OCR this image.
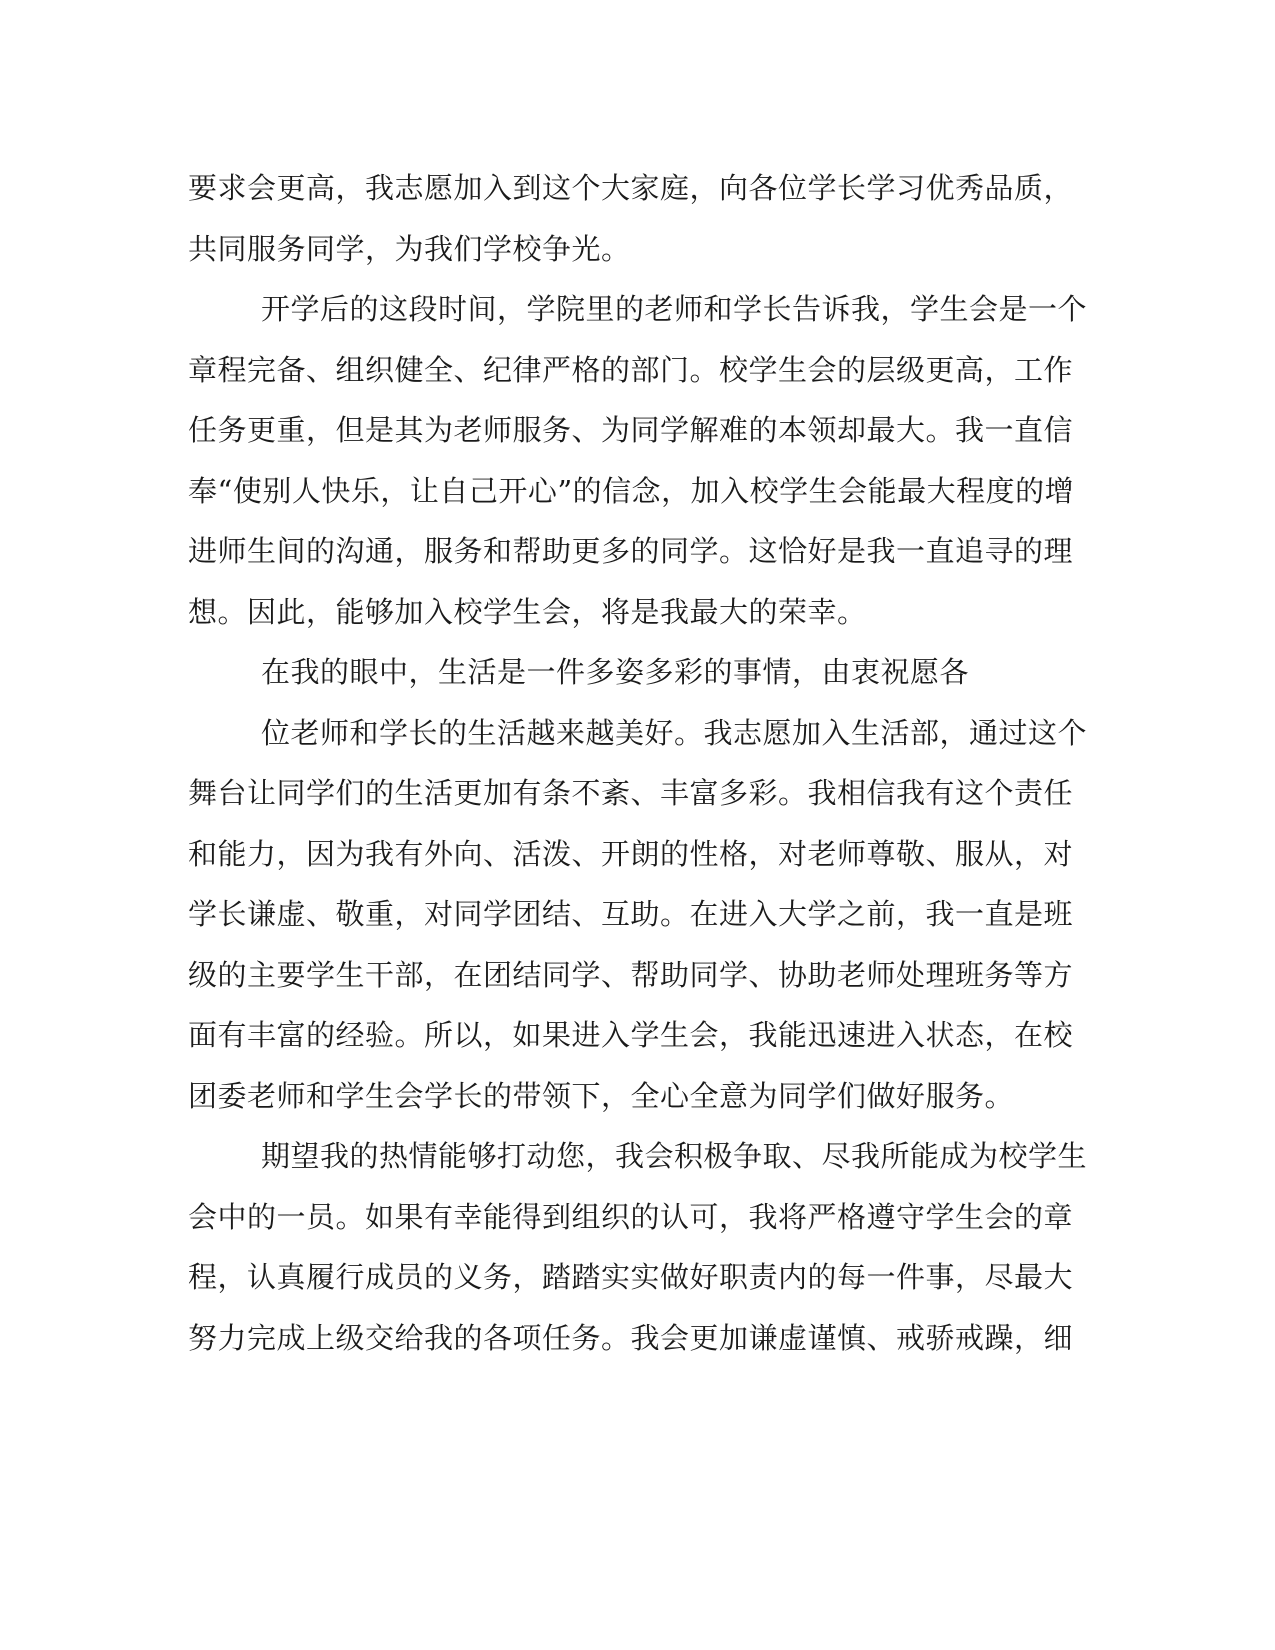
要求会更高，我志愿加入到这个大家庭，向各位学长学习优秀品质，
共同服务同学，为我们学校争光。
开学后的这段时间，学院里的老师和学长告诉我，学生会是一个
章程完备、组织健全、纪律严格的部门。校学生会的层级更高，工作
任务更重，但是其为老师服务、为同学解难的本领却最大。我一直信
奉“使别人快乐，让自己开心”的信念，加入校学生会能最大程度的增
进师生间的沟通，服务和帮助更多的同学。这恰好是我一直追寻的理
想。因此，能够加入校学生会，将是我最大的荣幸。
在我的眼中，生活是一件多姿多彩的事情，由衷祝愿各
位老师和学长的生活越来越美好。我志愿加入生活部，通过这个
舞台让同学们的生活更加有条不紊、丰富多彩。我相信我有这个责任
和能力，因为我有外向、活泼、开朗的性格，对老师尊敬、服从，对
学长谦虚、敬重，对同学团结、互助。在进入大学之前，我一直是班
级的主要学生干部，在团结同学、帮助同学、协助老师处理班务等方
面有丰富的经验。所以，如果进入学生会，我能迅速进入状态，在校
团委老师和学生会学长的带领下，全心全意为同学们做好服务。
期望我的热情能够打动您，我会积极争取、尽我所能成为校学生
会中的一员。如果有幸能得到组织的认可，我将严格遵守学生会的章
程，认真履行成员的义务，踏踏实实做好职责内的每一件事，尽最大
努力完成上级交给我的各项任务。我会更加谦虚谨慎、戒骄戒躁，细
